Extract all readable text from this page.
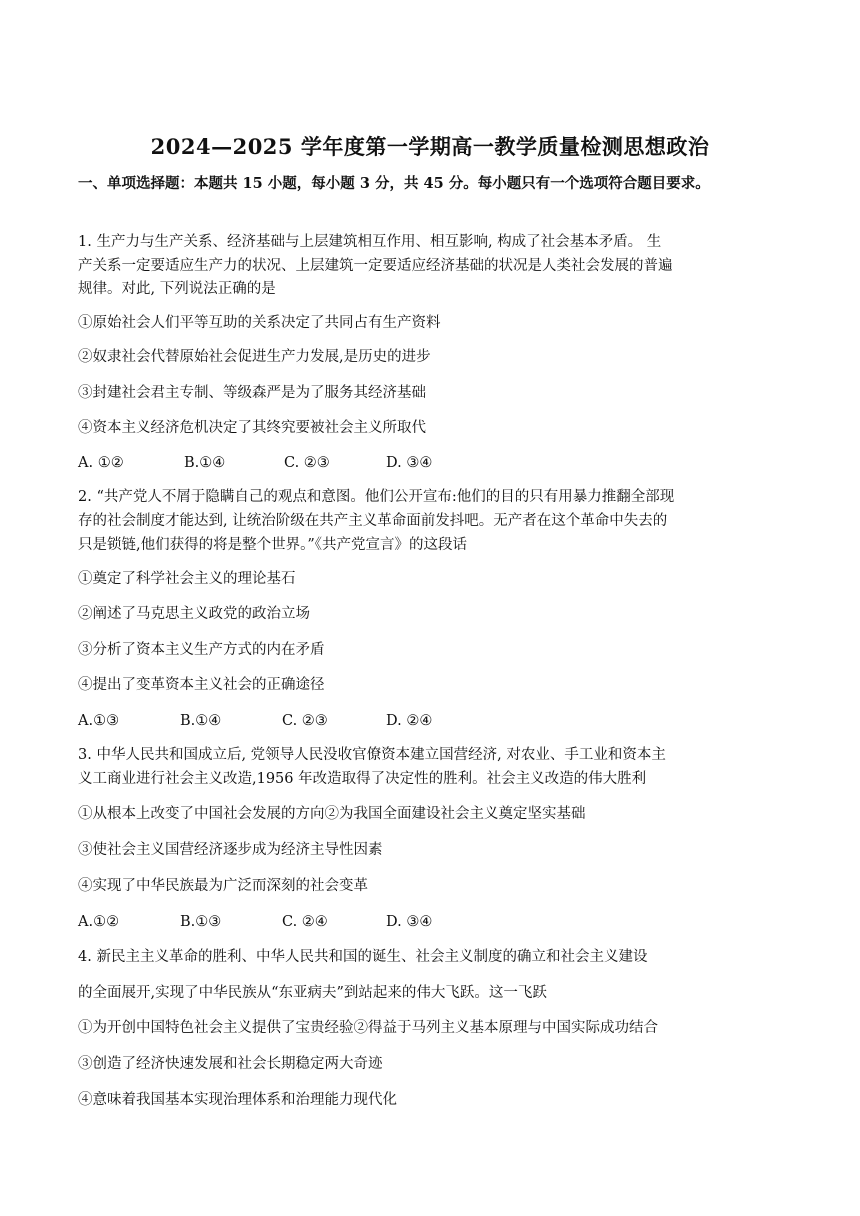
2024—2025 学年度第一学期高一教学质量检测思想政治
一、单项选择题：本题共 15 小题，每小题 3 分，共 45 分。每小题只有一个选项符合题目要求。
1. 生产力与生产关系、经济基础与上层建筑相互作用、相互影响, 构成了社会基本矛盾。 生
产关系一定要适应生产力的状况、上层建筑一定要适应经济基础的状况是人类社会发展的普遍
规律。对此, 下列说法正确的是
①原始社会人们平等互助的关系决定了共同占有生产资料
②奴隶社会代替原始社会促进生产力发展,是历史的进步
③封建社会君主专制、等级森严是为了服务其经济基础
④资本主义经济危机决定了其终究要被社会主义所取代
A. ①②	B.①④	C. ②③	D. ③④
2. “共产党人不屑于隐瞒自己的观点和意图。他们公开宣布:他们的目的只有用暴力推翻全部现
存的社会制度才能达到, 让统治阶级在共产主义革命面前发抖吧。无产者在这个革命中失去的
只是锁链,他们获得的将是整个世界。”《共产党宣言》的这段话
①奠定了科学社会主义的理论基石
②阐述了马克思主义政党的政治立场
③分析了资本主义生产方式的内在矛盾
④提出了变革资本主义社会的正确途径
A.①③	B.①④	C. ②③	D. ②④
3. 中华人民共和国成立后, 党领导人民没收官僚资本建立国营经济, 对农业、手工业和资本主
义工商业进行社会主义改造,1956 年改造取得了决定性的胜利。社会主义改造的伟大胜利
①从根本上改变了中国社会发展的方向②为我国全面建设社会主义奠定坚实基础
③使社会主义国营经济逐步成为经济主导性因素
④实现了中华民族最为广泛而深刻的社会变革
A.①②	B.①③	C. ②④	D. ③④
4. 新民主主义革命的胜利、中华人民共和国的诞生、社会主义制度的确立和社会主义建设
的全面展开,实现了中华民族从“东亚病夫”到站起来的伟大飞跃。这一飞跃
①为开创中国特色社会主义提供了宝贵经验②得益于马列主义基本原理与中国实际成功结合
③创造了经济快速发展和社会长期稳定两大奇迹
④意味着我国基本实现治理体系和治理能力现代化
